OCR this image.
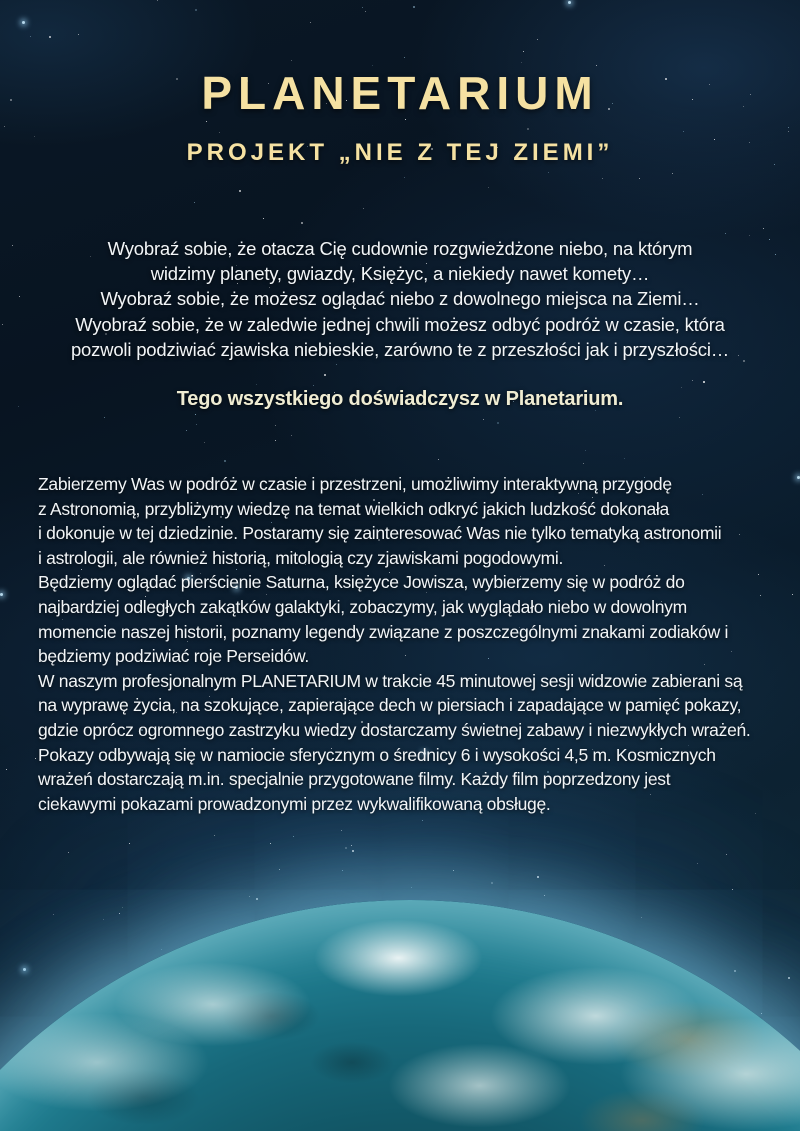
PLANETARIUM
PROJEKT „NIE Z TEJ ZIEMI”
Wyobraź sobie, że otacza Cię cudownie rozgwieżdżone niebo, na którym
widzimy planety, gwiazdy, Księżyc, a niekiedy nawet komety…
Wyobraź sobie, że możesz oglądać niebo z dowolnego miejsca na Ziemi…
Wyobraź sobie, że w zaledwie jednej chwili możesz odbyć podróż w czasie, która
pozwoli podziwiać zjawiska niebieskie, zarówno te z przeszłości jak i przyszłości…
Tego wszystkiego doświadczysz w Planetarium.
Zabierzemy Was w podróż w czasie i przestrzeni, umożliwimy interaktywną przygodę
z Astronomią, przybliżymy wiedzę na temat wielkich odkryć jakich ludzkość dokonała
i dokonuje w tej dziedzinie. Postaramy się zainteresować Was nie tylko tematyką astronomii
i astrologii, ale również historią, mitologią czy zjawiskami pogodowymi.
Będziemy oglądać pierścienie Saturna, księżyce Jowisza, wybierzemy się w podróż do
najbardziej odległych zakątków galaktyki, zobaczymy, jak wyglądało niebo w dowolnym
momencie naszej historii, poznamy legendy związane z poszczególnymi znakami zodiaków i
będziemy podziwiać roje Perseidów.
W naszym profesjonalnym PLANETARIUM w trakcie 45 minutowej sesji widzowie zabierani są
na wyprawę życia, na szokujące, zapierające dech w piersiach i zapadające w pamięć pokazy,
gdzie oprócz ogromnego zastrzyku wiedzy dostarczamy świetnej zabawy i niezwykłych wrażeń.
Pokazy odbywają się w namiocie sferycznym o średnicy 6 i wysokości 4,5 m. Kosmicznych
wrażeń dostarczają m.in. specjalnie przygotowane filmy. Każdy film poprzedzony jest
ciekawymi pokazami prowadzonymi przez wykwalifikowaną obsługę.
